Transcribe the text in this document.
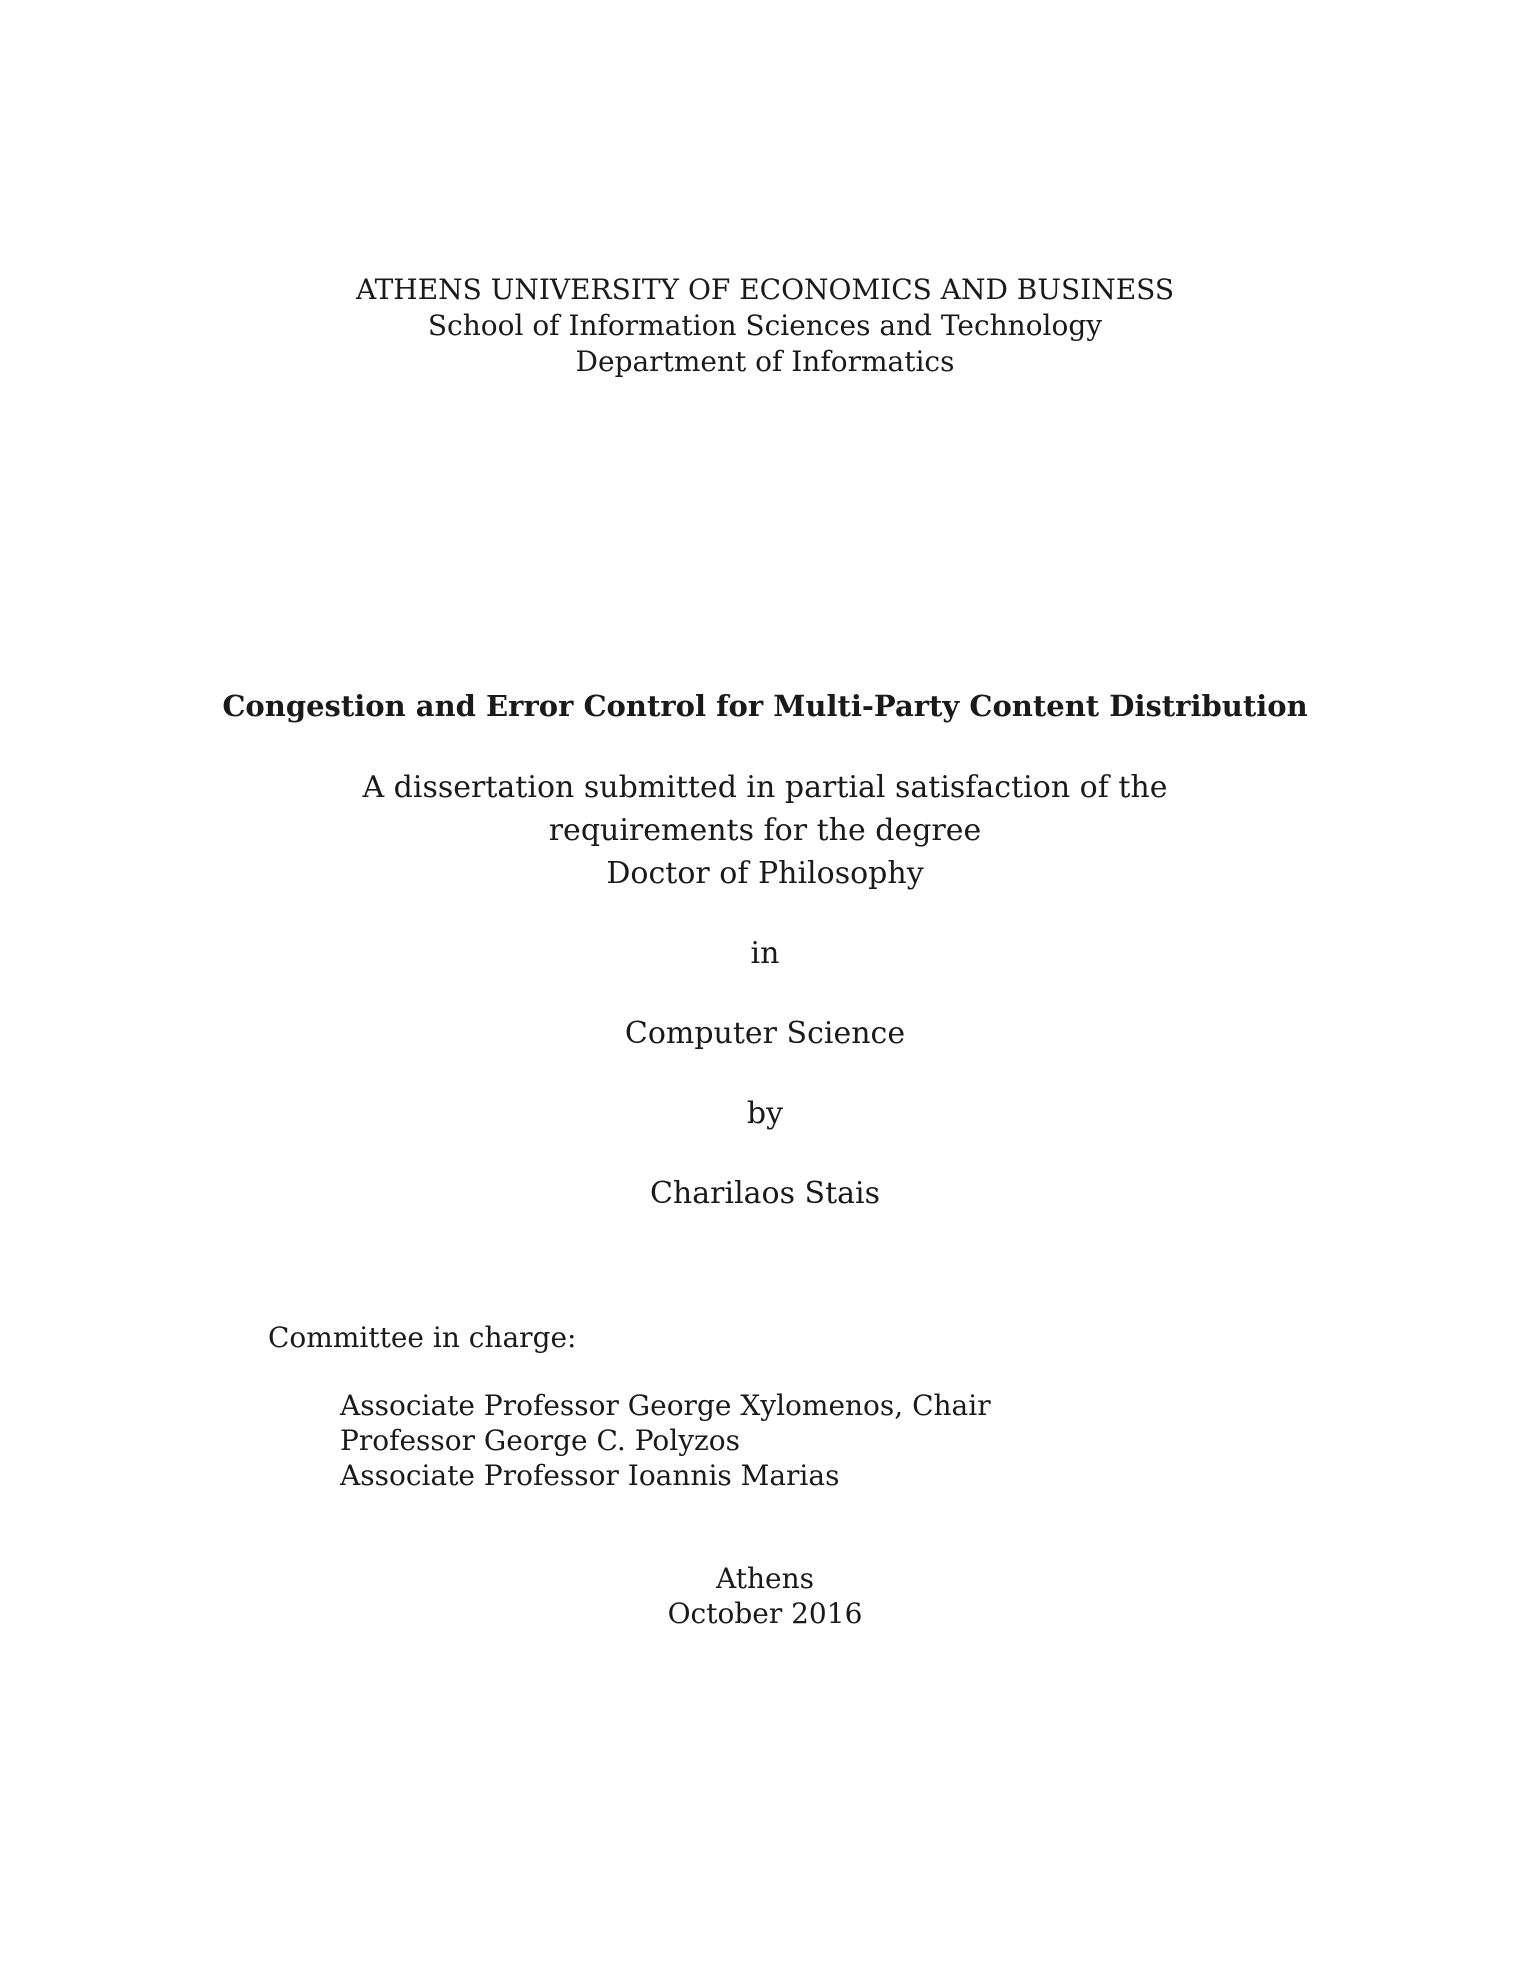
ATHENS UNIVERSITY OF ECONOMICS AND BUSINESS
School of Information Sciences and Technology
Department of Informatics
Congestion and Error Control for Multi-Party Content Distribution
A dissertation submitted in partial satisfaction of the
requirements for the degree
Doctor of Philosophy
in
Computer Science
by
Charilaos Stais
Committee in charge:
Associate Professor George Xylomenos, Chair
Professor George C. Polyzos
Associate Professor Ioannis Marias
Athens
October 2016
